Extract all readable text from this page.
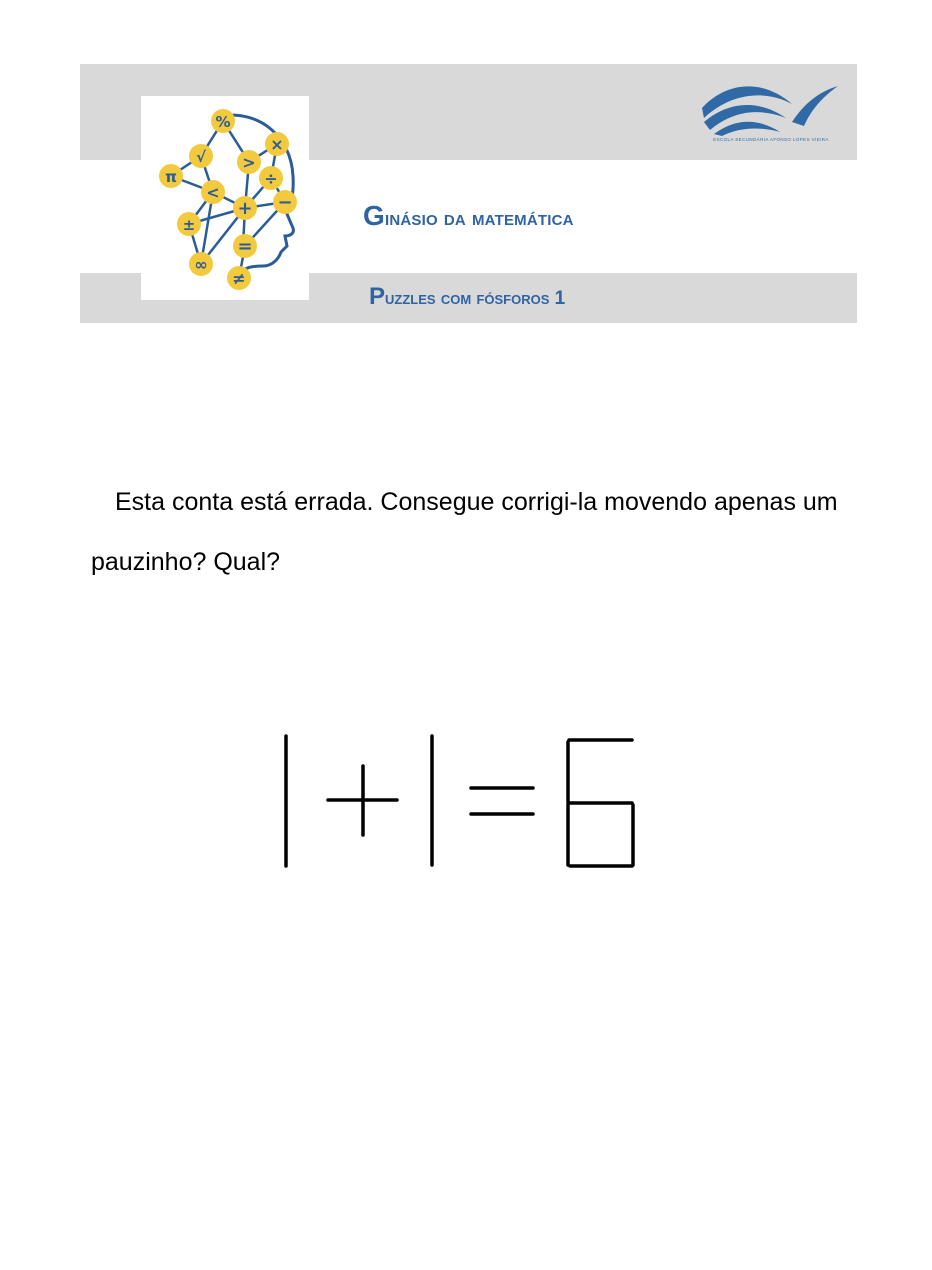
%
√
×
π
>
÷
<
+ −
±
=
∞
≠
ESCOLA SECUNDÁRIA AFONSO LOPES VIEIRA
Ginásio da matemática
Puzzles com fósforos 1
Esta conta está errada. Consegue corrigi-la movendo apenas um pauzinho? Qual?
